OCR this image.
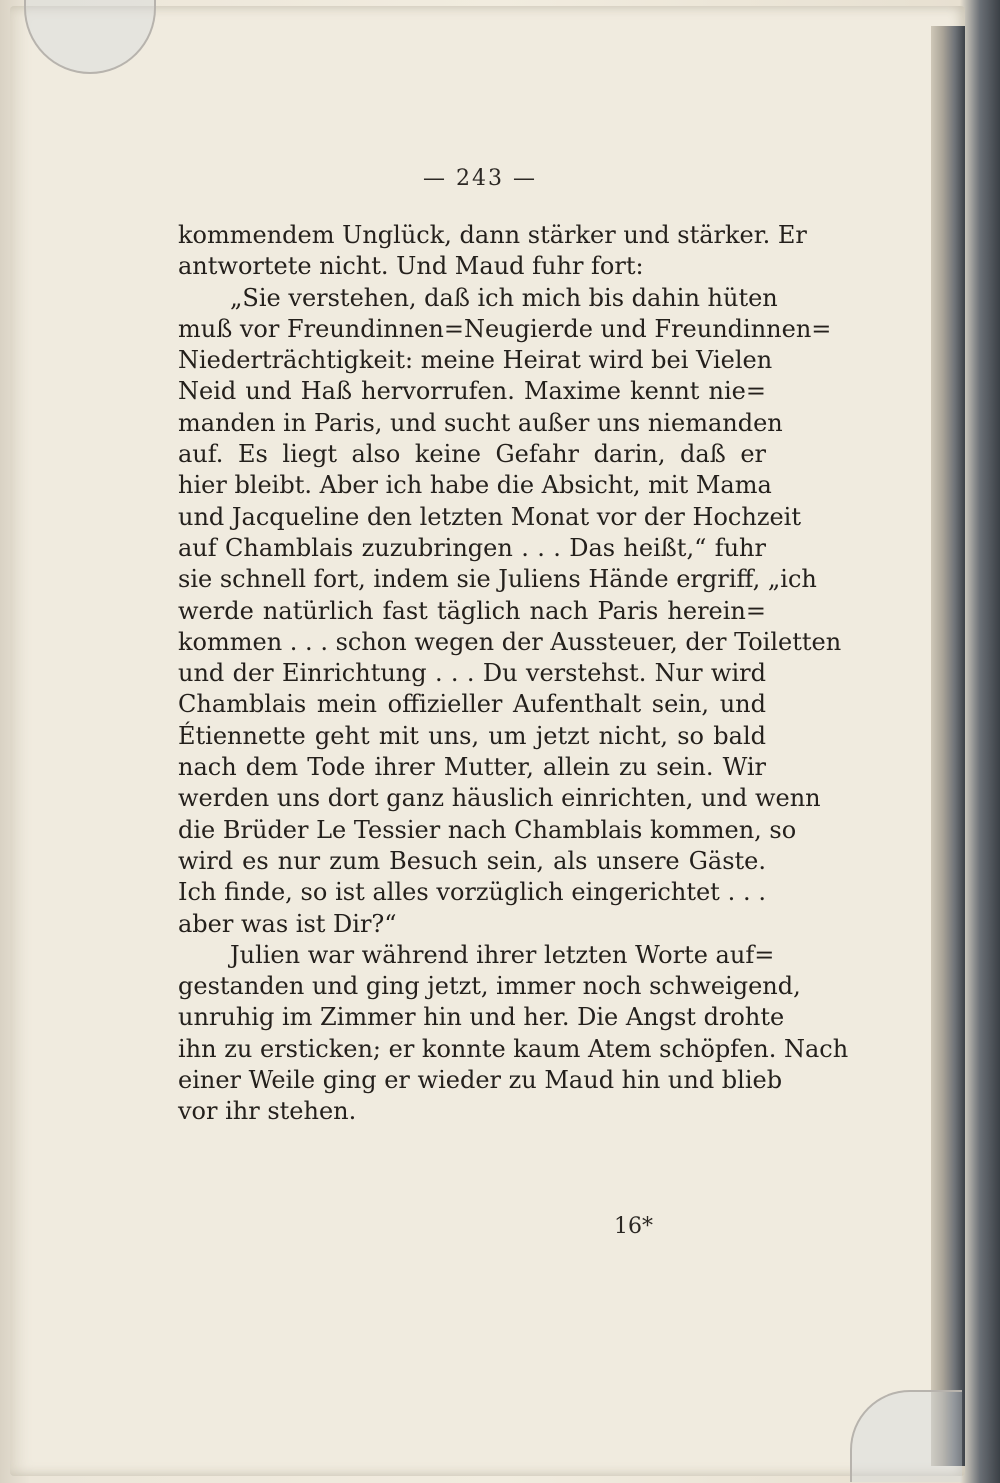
— 243 —
kommendem Unglück, dann stärker und stärker. Er
antwortete nicht. Und Maud fuhr fort:
„Sie verstehen, daß ich mich bis dahin hüten
muß vor Freundinnen=Neugierde und Freundinnen=
Niederträchtigkeit: meine Heirat wird bei Vielen
Neid und Haß hervorrufen. Maxime kennt nie=
manden in Paris, und sucht außer uns niemanden
auf. Es liegt also keine Gefahr darin, daß er
hier bleibt. Aber ich habe die Absicht, mit Mama
und Jacqueline den letzten Monat vor der Hochzeit
auf Chamblais zuzubringen . . . Das heißt,“ fuhr
sie schnell fort, indem sie Juliens Hände ergriff, „ich
werde natürlich fast täglich nach Paris herein=
kommen . . . schon wegen der Aussteuer, der Toiletten
und der Einrichtung . . . Du verstehst. Nur wird
Chamblais mein offizieller Aufenthalt sein, und
Étiennette geht mit uns, um jetzt nicht, so bald
nach dem Tode ihrer Mutter, allein zu sein. Wir
werden uns dort ganz häuslich einrichten, und wenn
die Brüder Le Tessier nach Chamblais kommen, so
wird es nur zum Besuch sein, als unsere Gäste.
Ich finde, so ist alles vorzüglich eingerichtet . . .
aber was ist Dir?“
Julien war während ihrer letzten Worte auf=
gestanden und ging jetzt, immer noch schweigend,
unruhig im Zimmer hin und her. Die Angst drohte
ihn zu ersticken; er konnte kaum Atem schöpfen. Nach
einer Weile ging er wieder zu Maud hin und blieb
vor ihr stehen.
16*
